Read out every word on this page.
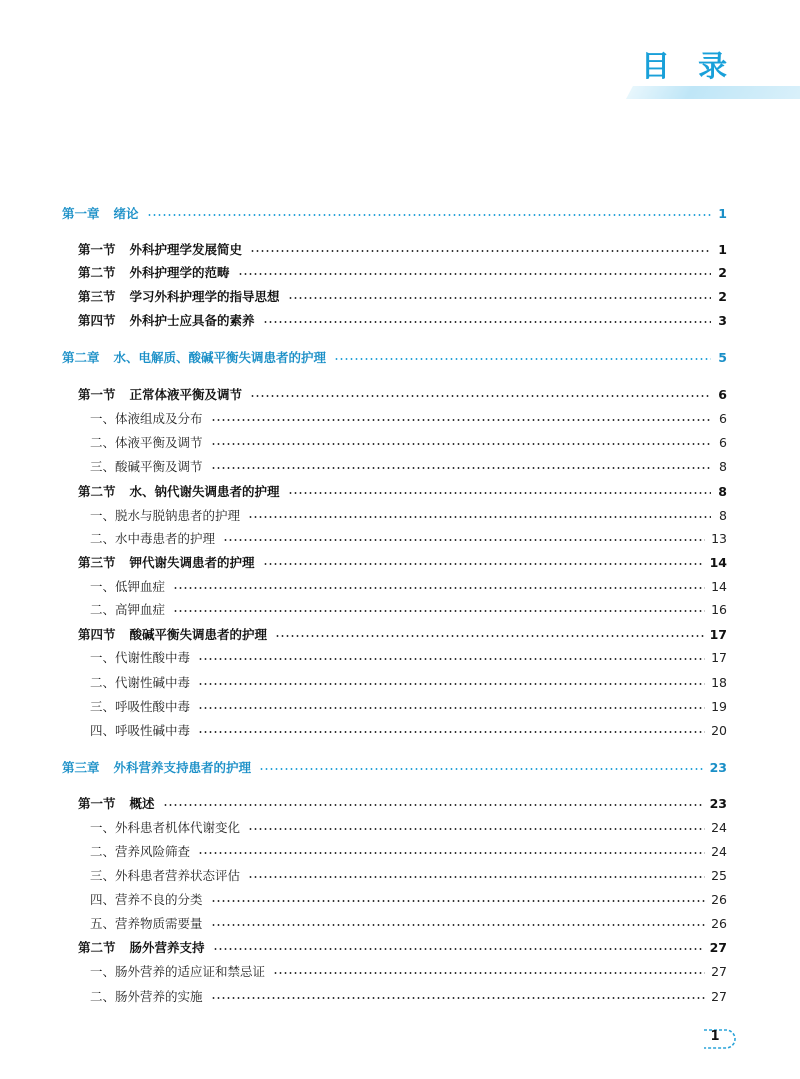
目 录
第一章 绪论	1
第一节 外科护理学发展简史	1
第二节 外科护理学的范畴	2
第三节 学习外科护理学的指导思想	2
第四节 外科护士应具备的素养	3
第二章 水、电解质、酸碱平衡失调患者的护理	5
第一节 正常体液平衡及调节	6
一、体液组成及分布	6
二、体液平衡及调节	6
三、酸碱平衡及调节	8
第二节 水、钠代谢失调患者的护理	8
一、脱水与脱钠患者的护理	8
二、水中毒患者的护理	13
第三节 钾代谢失调患者的护理	14
一、低钾血症	14
二、高钾血症	16
第四节 酸碱平衡失调患者的护理	17
一、代谢性酸中毒	17
二、代谢性碱中毒	18
三、呼吸性酸中毒	19
四、呼吸性碱中毒	20
第三章 外科营养支持患者的护理	23
第一节 概述	23
一、外科患者机体代谢变化	24
二、营养风险筛查	24
三、外科患者营养状态评估	25
四、营养不良的分类	26
五、营养物质需要量	26
第二节 肠外营养支持	27
一、肠外营养的适应证和禁忌证	27
二、肠外营养的实施	27
1
